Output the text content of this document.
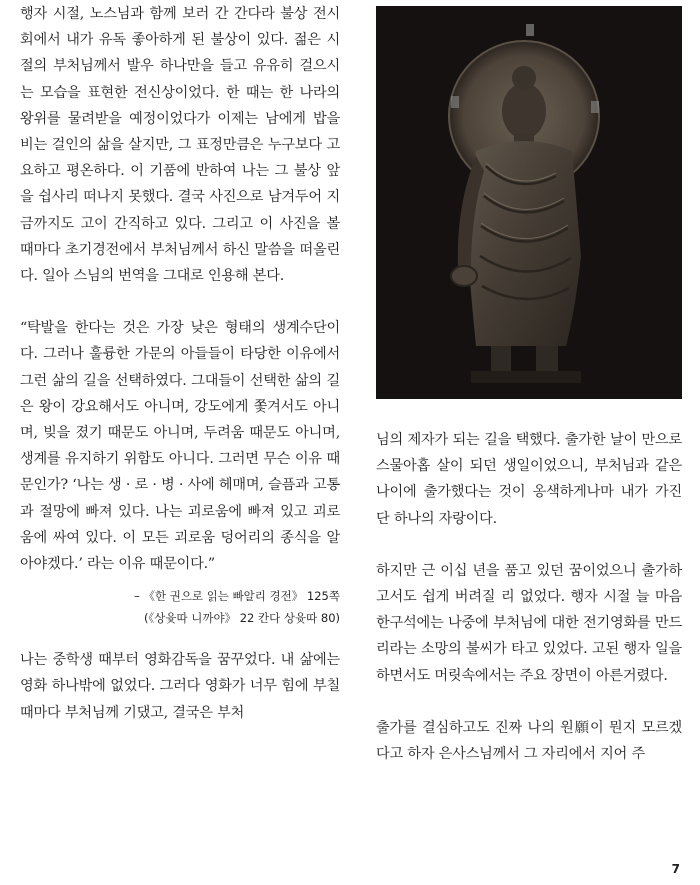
행자 시절, 노스님과 함께 보러 간 간다라 불상 전시회에서 내가 유독 좋아하게 된 불상이 있다. 젊은 시절의 부처님께서 발우 하나만을 들고 유유히 걸으시는 모습을 표현한 전신상이었다. 한 때는 한 나라의 왕위를 물려받을 예정이었다가 이제는 남에게 밥을 비는 걸인의 삶을 살지만, 그 표정만큼은 누구보다 고요하고 평온하다. 이 기품에 반하여 나는 그 불상 앞을 쉽사리 떠나지 못했다. 결국 사진으로 남겨두어 지금까지도 고이 간직하고 있다. 그리고 이 사진을 볼 때마다 초기경전에서 부처님께서 하신 말씀을 떠올린다. 일아 스님의 번역을 그대로 인용해 본다.

“탁발을 한다는 것은 가장 낮은 형태의 생계수단이다. 그러나 훌륭한 가문의 아들들이 타당한 이유에서 그런 삶의 길을 선택하였다. 그대들이 선택한 삶의 길은 왕이 강요해서도 아니며, 강도에게 쫓겨서도 아니며, 빚을 졌기 때문도 아니며, 두려움 때문도 아니며, 생계를 유지하기 위함도 아니다. 그러면 무슨 이유 때문인가? ‘나는 생 · 로 · 병 · 사에 헤매며, 슬픔과 고통과 절망에 빠져 있다. 나는 괴로움에 빠져 있고 괴로움에 싸여 있다. 이 모든 괴로움 덩어리의 종식을 알아야겠다.’ 라는 이유 때문이다.”

– 《한 권으로 읽는 빠알리 경전》 125쪽
(《상윳따 니까야》 22 칸다 상윳따 80)

나는 중학생 때부터 영화감독을 꿈꾸었다. 내 삶에는 영화 하나밖에 없었다. 그러다 영화가 너무 힘에 부칠 때마다 부처님께 기댔고, 결국은 부처

님의 제자가 되는 길을 택했다. 출가한 날이 만으로 스물아홉 살이 되던 생일이었으니, 부처님과 같은 나이에 출가했다는 것이 옹색하게나마 내가 가진 단 하나의 자랑이다.

하지만 근 이십 년을 품고 있던 꿈이었으니 출가하고서도 쉽게 버려질 리 없었다. 행자 시절 늘 마음 한구석에는 나중에 부처님에 대한 전기영화를 만드리라는 소망의 불씨가 타고 있었다. 고된 행자 일을 하면서도 머릿속에서는 주요 장면이 아른거렸다.

출가를 결심하고도 진짜 나의 원願이 뭔지 모르겠다고 하자 은사스님께서 그 자리에서 지어 주

7
